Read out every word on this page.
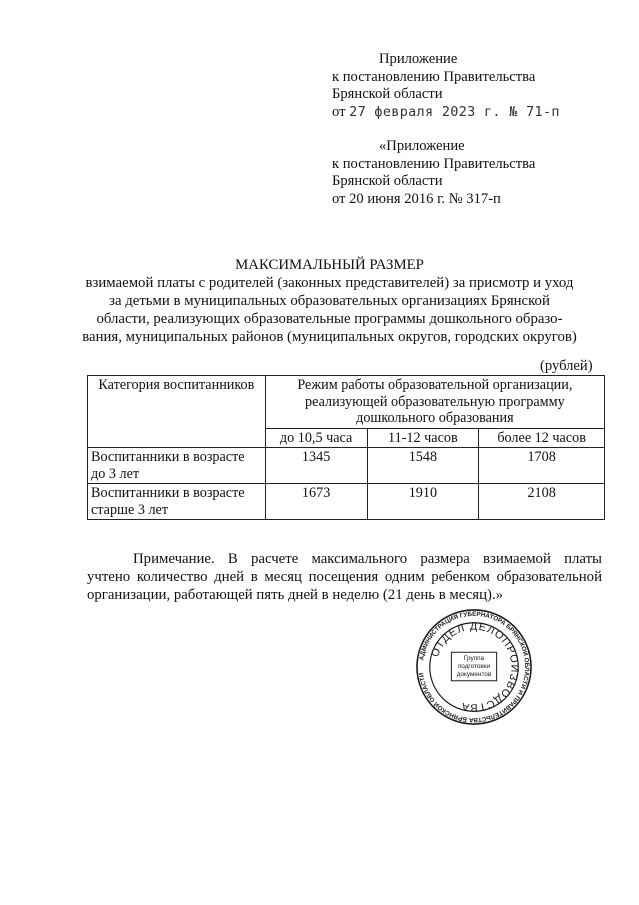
Приложение
к постановлению Правительства
Брянской области
от 27 февраля 2023 г. № 71-п
«Приложение
к постановлению Правительства
Брянской области
от 20 июня 2016 г. № 317-п
МАКСИМАЛЬНЫЙ РАЗМЕР
взимаемой платы с родителей (законных представителей) за присмотр и уход
за детьми в муниципальных образовательных организациях Брянской
области, реализующих образовательные программы дошкольного образо-
вания, муниципальных районов (муниципальных округов, городских округов)
(рублей)
Категория воспитанников	Режим работы образовательной организации, реализующей образовательную программу дошкольного образования		
	до 10,5 часа	11-12 часов	более 12 часов
Воспитанники в возрасте до 3 лет	1345	1548	1708
Воспитанники в возрасте старше 3 лет	1673	1910	2108
Примечание. В расчете максимального размера взимаемой платы
учтено количество дней в месяц посещения одним ребенком образовательной
организации, работающей пять дней в неделю (21 день в месяц).»
АДМИНИСТРАЦИЯ ГУБЕРНАТОРА БРЯНСКОЙ ОБЛАСТИ И ПРАВИТЕЛЬСТВА БРЯНСКОЙ ОБЛАСТИ
ОТДЕЛ ДЕЛОПРОИЗВОДСТВА
Группа
подготовки
документов
